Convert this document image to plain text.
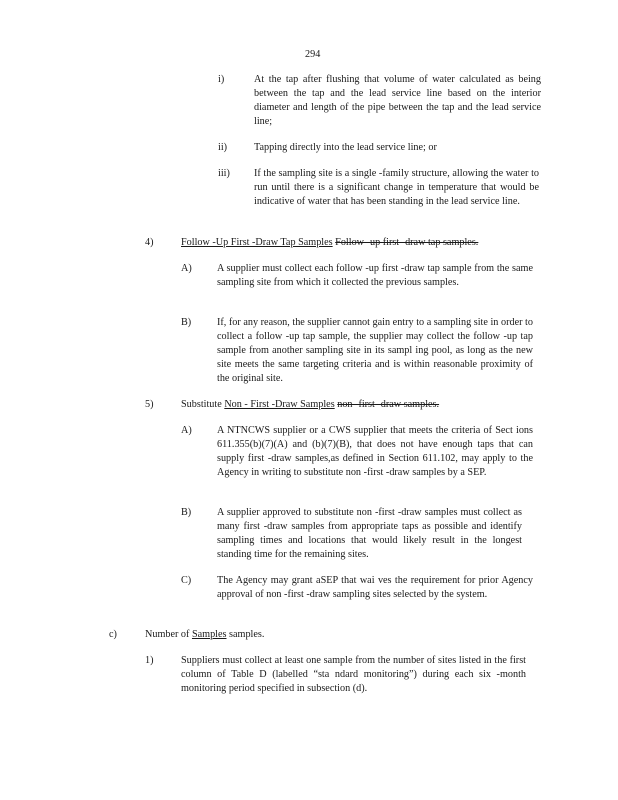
294
i)	At the tap after flushing that volume of water calculated as being between the tap and the lead service line based on the interior diameter and length of the pipe between the tap and the lead service line;

ii)	Tapping directly into the lead service line; or

iii) If the sampling site is a single -family structure, allowing the water to run until there is a significant change in temperature that would be indicative of water that has been standing in the lead service line.

4)	Follow -Up First -Draw Tap Samples Follow -up first -draw tap samples.
A) A supplier must collect each follow -up first -draw tap sample from the same sampling site from which it collected the previous samples.

B)	If, for any reason, the supplier cannot gain entry to a sampling site in order to collect a follow -up tap sample, the supplier may collect the follow -up tap sample from another sampling site in its sampl ing pool, as long as the new site meets the same targeting criteria and is within reasonable proximity of the original site.

5)	Substitute Non - First -Draw Samples non -first -draw samples.
A) A NTNCWS supplier or a CWS supplier that meets the criteria of Sect ions 611.355(b)(7)(A) and (b)(7)(B), that does not have enough taps that can supply first -draw samples,as defined in Section 611.102, may apply to the Agency in writing to substitute non -first -draw samples by a SEP.

B)	A supplier approved to substitute non -first -draw samples must collect as many first -draw samples from appropriate taps as possible and identify sampling times and locations that would likely result in the longest standing time for the remaining sites.

C)	The Agency may grant aSEP that wai ves the requirement for prior Agency approval of non -first -draw sampling sites selected by the system.

c)	Number of Samples samples.
1)	Suppliers must collect at least one sample from the number of sites listed in the first column of Table D (labelled “sta ndard monitoring”) during each six -month monitoring period specified in subsection (d).
